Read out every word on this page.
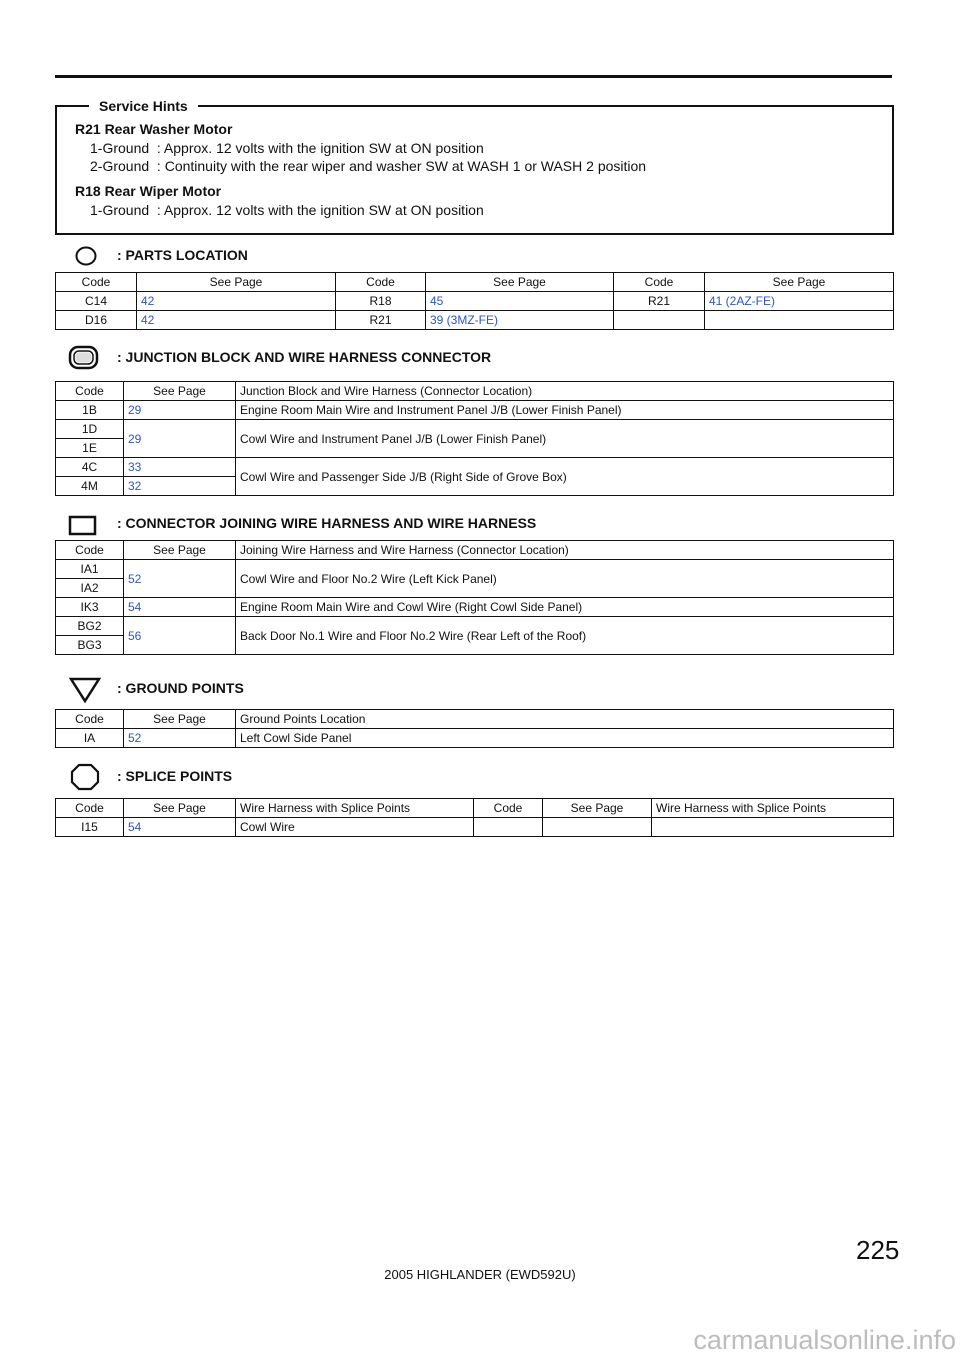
Service Hints
R21 Rear Washer Motor
1-Ground  : Approx. 12 volts with the ignition SW at ON position
2-Ground  : Continuity with the rear wiper and washer SW at WASH 1 or WASH 2 position
R18 Rear Wiper Motor
1-Ground  : Approx. 12 volts with the ignition SW at ON position
: PARTS LOCATION
Code	See Page	Code	See Page	Code	See Page
C14	42	R18	45	R21	41 (2AZ-FE)
D16	42	R21	39 (3MZ-FE)		
: JUNCTION BLOCK AND WIRE HARNESS CONNECTOR
Code	See Page	Junction Block and Wire Harness (Connector Location)
1B	29	Engine Room Main Wire and Instrument Panel J/B (Lower Finish Panel)
1D	29	Cowl Wire and Instrument Panel J/B (Lower Finish Panel)
1E		
4C	33	Cowl Wire and Passenger Side J/B (Right Side of Grove Box)
4M	32	
: CONNECTOR JOINING WIRE HARNESS AND WIRE HARNESS
Code	See Page	Joining Wire Harness and Wire Harness (Connector Location)
IA1	52	Cowl Wire and Floor No.2 Wire (Left Kick Panel)
IA2		
IK3	54	Engine Room Main Wire and Cowl Wire (Right Cowl Side Panel)
BG2	56	Back Door No.1 Wire and Floor No.2 Wire (Rear Left of the Roof)
BG3		
: GROUND POINTS
Code	See Page	Ground Points Location
IA	52	Left Cowl Side Panel
: SPLICE POINTS
Code	See Page	Wire Harness with Splice Points	Code	See Page	Wire Harness with Splice Points
I15	54	Cowl Wire			
225
2005 HIGHLANDER (EWD592U)
carmanualsonline.info
